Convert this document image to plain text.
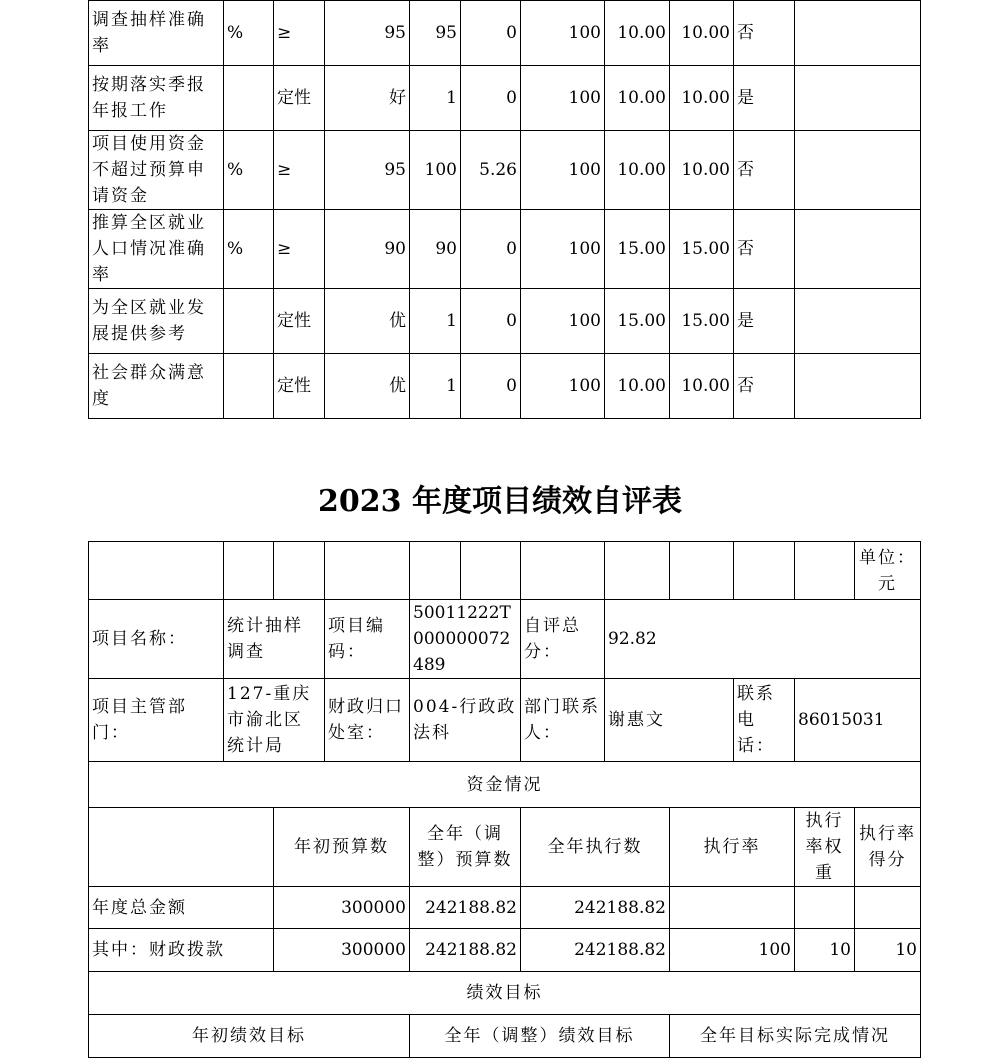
调查抽样准确率	%	≥	95	95	0	100	10.00	10.00	否	
按期落实季报年报工作		定性	好	1	0	100	10.00	10.00	是	
项目使用资金不超过预算申请资金	%	≥	95	100	5.26	100	10.00	10.00	否	
推算全区就业人口情况准确率	%	≥	90	90	0	100	15.00	15.00	否	
为全区就业发展提供参考		定性	优	1	0	100	15.00	15.00	是	
社会群众满意度		定性	优	1	0	100	10.00	10.00	否	
2023 年度项目绩效自评表
											单位：元
项目名称：	统计抽样调查		项目编码：	50011222T000000072489		自评总分：	92.82				
项目主管部门：	127-重庆市渝北区统计局		财政归口处室：	004-行政政法科		部门联系人：	谢惠文		联系电话：	86015031	
资金情况											
		年初预算数		全年（调整）预算数		全年执行数		执行率		执行率权重	执行率得分
年度总金额		300000		242188.82		242188.82					
其中：财政拨款		300000		242188.82		242188.82		100		10	10
绩效目标											
年初绩效目标				全年（调整）绩效目标				全年目标实际完成情况			
